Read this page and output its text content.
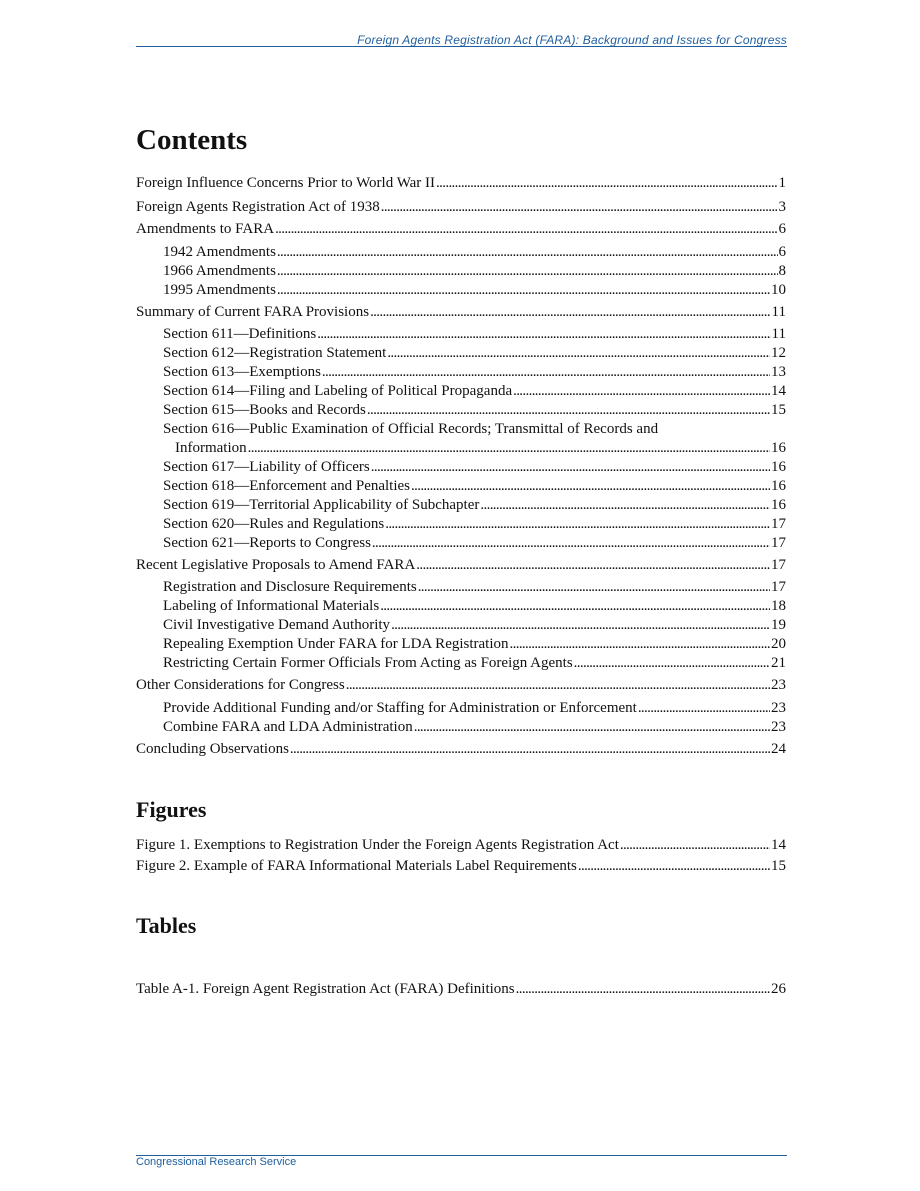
Foreign Agents Registration Act (FARA): Background and Issues for Congress
Contents
Foreign Influence Concerns Prior to World War II . . .	1
Foreign Agents Registration Act of 1938 . . .	3
Amendments to FARA . . .	6
1942 Amendments . . .	6
1966 Amendments . . .	8
1995 Amendments . . .	10
Summary of Current FARA Provisions . . .	11
Section 611—Definitions . . .	11
Section 612—Registration Statement . . .	12
Section 613—Exemptions . . .	13
Section 614—Filing and Labeling of Political Propaganda . . .	14
Section 615—Books and Records . . .	15
Section 616—Public Examination of Official Records; Transmittal of Records and
Information . . .	16
Section 617—Liability of Officers . . .	16
Section 618—Enforcement and Penalties . . .	16
Section 619—Territorial Applicability of Subchapter . . .	16
Section 620—Rules and Regulations . . .	17
Section 621—Reports to Congress . . .	17
Recent Legislative Proposals to Amend FARA . . .	17
Registration and Disclosure Requirements . . .	17
Labeling of Informational Materials . . .	18
Civil Investigative Demand Authority . . .	19
Repealing Exemption Under FARA for LDA Registration . . .	20
Restricting Certain Former Officials From Acting as Foreign Agents . . .	21
Other Considerations for Congress . . .	23
Provide Additional Funding and/or Staffing for Administration or Enforcement . . .	23
Combine FARA and LDA Administration . . .	23
Concluding Observations . . .	24
Figures
Figure 1. Exemptions to Registration Under the Foreign Agents Registration Act . . .	14
Figure 2. Example of FARA Informational Materials Label Requirements . . .	15
Tables
Table A-1. Foreign Agent Registration Act (FARA) Definitions . . .	26
Congressional Research Service
